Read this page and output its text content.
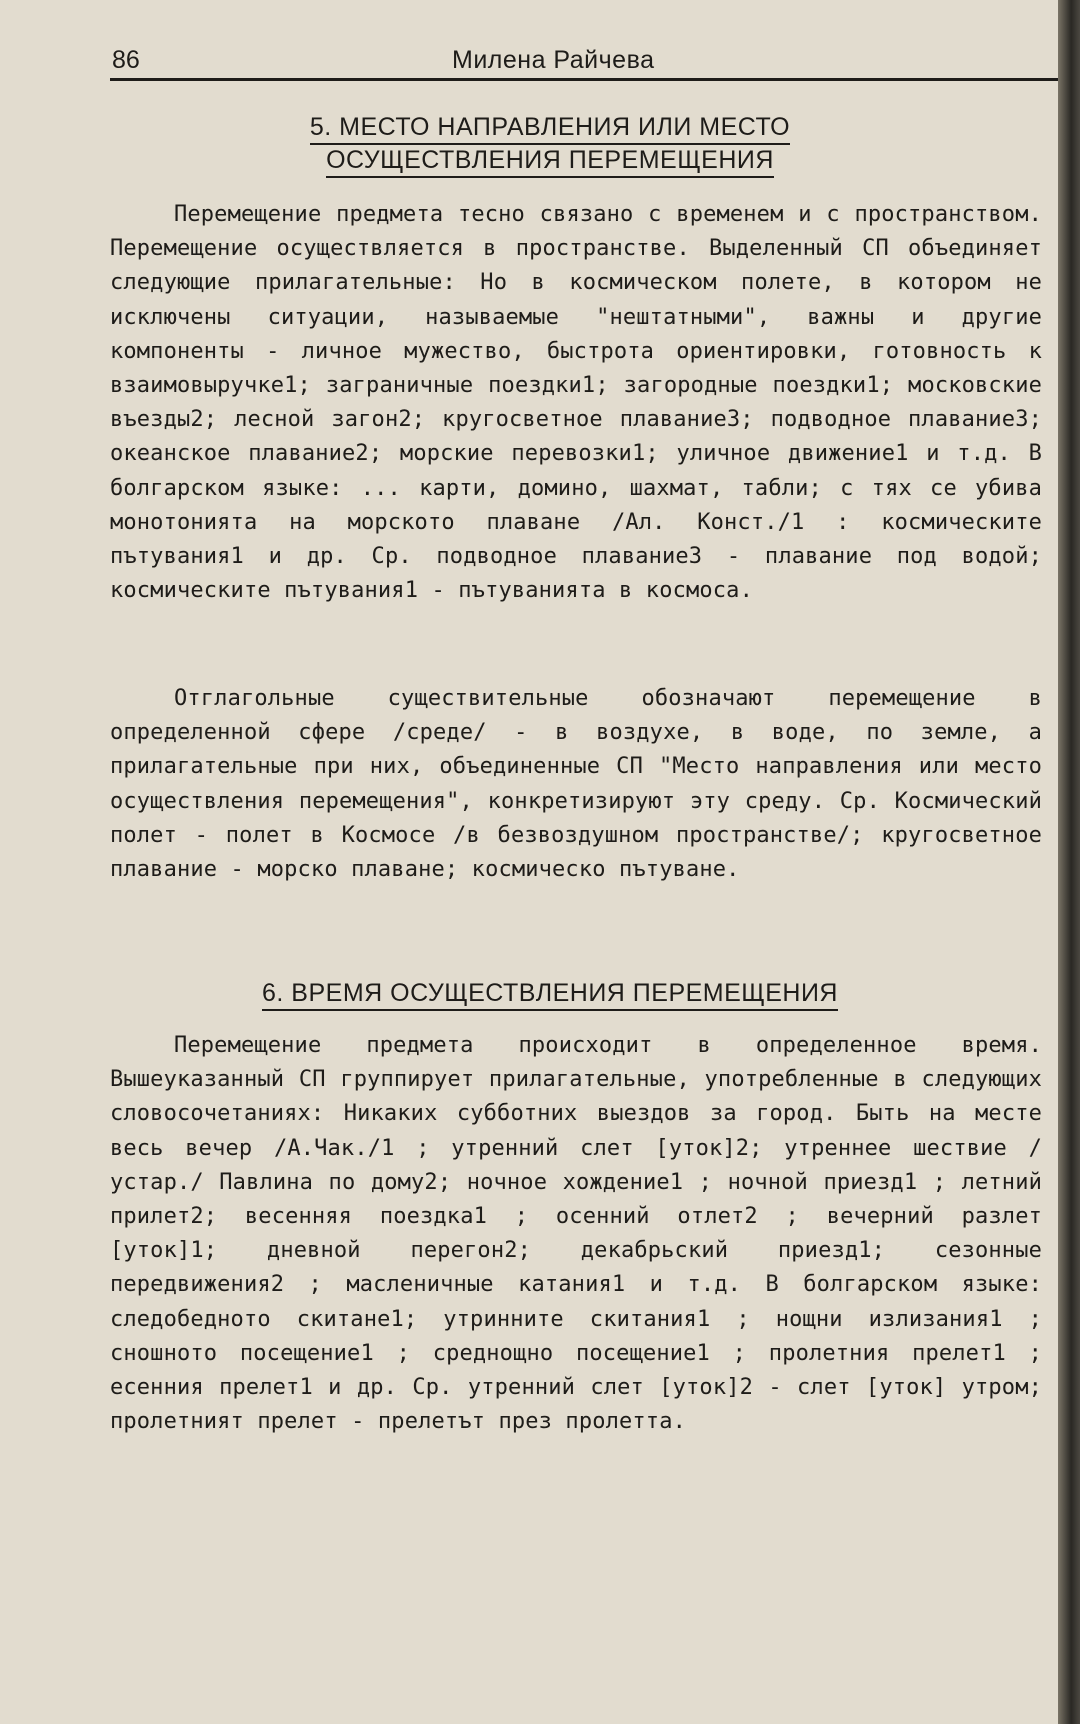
86	Милена Райчева
5. МЕСТО НАПРАВЛЕНИЯ ИЛИ МЕСТО
ОСУЩЕСТВЛЕНИЯ ПЕРЕМЕЩЕНИЯ

Перемещение предмета тесно связано с временем и с пространством. Перемещение осуществляется в пространстве. Выделенный СП объединяет следующие прилагательные: Но в космическом полете, в котором не исключены ситуации, называемые "нештатными", важны и другие компоненты - личное мужество, быстрота ориентировки, готовность к взаимовыручке1; заграничные поездки1; загородные поездки1; московские въезды2; лесной загон2; кругосветное плавание3; подводное плавание3; океанское плавание2; морские перевозки1; уличное движение1 и т.д. В болгарском языке: ... карти, домино, шахмат, табли; с тях се убива монотонията на морското плаване /Ал. Конст./1 : космическите пътувания1 и др. Ср. подводное плавание3 - плавание под водой; космическите пътувания1 - пътуванията в космоса.

Отглагольные существительные обозначают перемещение в определенной сфере /среде/ - в воздухе, в воде, по земле, а прилагательные при них, объединенные СП "Место направления или место осуществления перемещения", конкретизируют эту среду. Ср. Космический полет - полет в Космосе /в безвоздушном пространстве/; кругосветное плавание - морско плаване; космическо пътуване.

6. ВРЕМЯ ОСУЩЕСТВЛЕНИЯ ПЕРЕМЕЩЕНИЯ

Перемещение предмета происходит в определенное время. Вышеуказанный СП группирует прилагательные, употребленные в следующих словосочетаниях: Никаких субботних выездов за город. Быть на месте весь вечер /А.Чак./1 ; утренний слет [уток]2; утреннее шествие /устар./ Павлина по дому2; ночное хождение1 ; ночной приезд1 ; летний прилет2; весенняя поездка1 ; осенний отлет2 ; вечерний разлет [уток]1; дневной перегон2; декабрьский приезд1; сезонные передвижения2 ; масленичные катания1 и т.д. В болгарском языке: следобедното скитане1; утринните скитания1 ; нощни излизания1 ; сношното посещение1 ; среднощно посещение1 ; пролетния прелет1 ; есенния прелет1 и др. Ср. утренний слет [уток]2 - слет [уток] утром; пролетният прелет - прелетът през пролетта.
